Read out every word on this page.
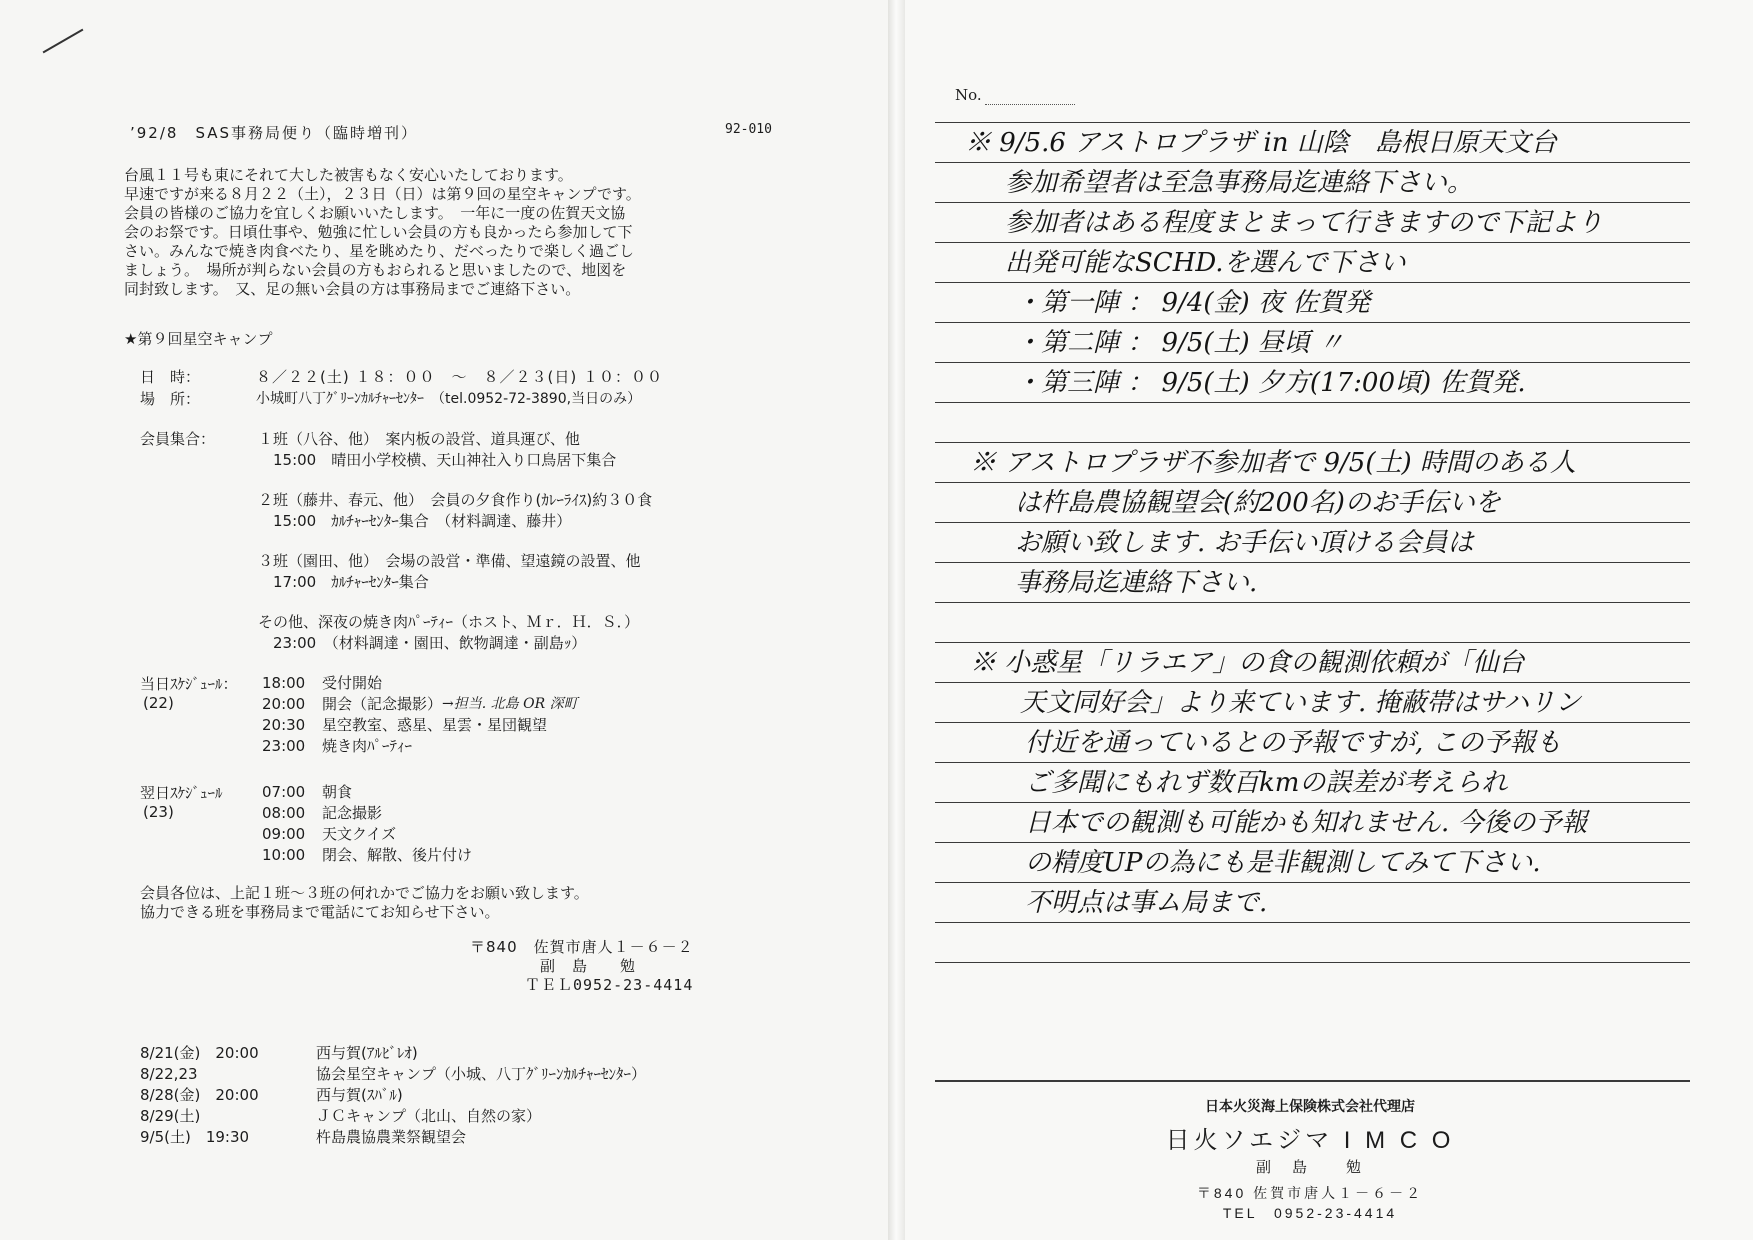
’92/8　SAS事務局便り（臨時増刊）	92-010
台風１１号も東にそれて大した被害もなく安心いたしております。
早速ですが来る８月２２（土），２３日（日）は第９回の星空キャンプです。
会員の皆様のご協力を宜しくお願いいたします。　一年に一度の佐賀天文協
会のお祭です。日頃仕事や、勉強に忙しい会員の方も良かったら参加して下
さい。みんなで焼き肉食べたり、星を眺めたり、だべったりで楽しく過ごし
ましょう。　場所が判らない会員の方もおられると思いましたので、地図を
同封致します。　又、足の無い会員の方は事務局までご連絡下さい。
★第９回星空キャンプ
日　時：	８／２２(土) １８：００　～　８／２３(日) １０：００
場　所：	小城町八丁ｸﾞﾘｰﾝｶﾙﾁｬｰｾﾝﾀｰ　（tel.0952-72-3890,当日のみ）
会員集合：	１班（八谷、他）　案内板の設営、道具運び、他
15:00　晴田小学校横、天山神社入り口鳥居下集合
２班（藤井、春元、他）　会員の夕食作り(ｶﾚｰﾗｲｽ)約３０食
15:00　ｶﾙﾁｬｰｾﾝﾀｰ集合　（材料調達、藤井）
３班（園田、他）　会場の設営・準備、望遠鏡の設置、他
17:00　ｶﾙﾁｬｰｾﾝﾀｰ集合
その他、深夜の焼き肉ﾊﾟｰﾃｨｰ（ホスト、Ｍｒ．Ｈ．Ｓ．）
23:00　（材料調達・園田、飲物調達・副島ｯ）
当日ｽｹｼﾞｭｰﾙ：
(22)
18:00	受付開始
20:00	開会（記念撮影） →担当. 北島 OR 深町
20:30	星空教室、惑星、星雲・星団観望
23:00	焼き肉ﾊﾟｰﾃｨｰ
翌日ｽｹｼﾞｭｰﾙ
(23)
07:00	朝食
08:00	記念撮影
09:00	天文クイズ
10:00	閉会、解散、後片付け
会員各位は、上記１班～３班の何れかでご協力をお願い致します。
協力できる班を事務局まで電話にてお知らせ下さい。
〒840　佐賀市唐人１－６－２
副　島　　勉
ＴＥＬ0952-23-4414
8/21(金)　20:00	西与賀(ｱﾙﾋﾞﾚｵ)
8/22,23	協会星空キャンプ（小城、八丁ｸﾞﾘｰﾝｶﾙﾁｬｰｾﾝﾀｰ）
8/28(金)　20:00	西与賀(ｽﾊﾞﾙ)
8/29(土)	ＪＣキャンプ（北山、自然の家）
9/5(土)　19:30	杵島農協農業祭観望会
No.
※ 9/5.6 アストロプラザ in 山陰　島根日原天文台
参加希望者は至急事務局迄連絡下さい。
参加者はある程度まとまって行きますので下記より
出発可能なSCHD.を選んで下さい
・第一陣 ： 9/4(金) 夜 佐賀発
・第二陣 ： 9/5(土) 昼頃 〃
・第三陣 ： 9/5(土) 夕方(17:00頃) 佐賀発.
※ アストロプラザ不参加者で 9/5(土) 時間のある人
は杵島農協観望会(約200名)のお手伝いを
お願い致します. お手伝い頂ける会員は
事務局迄連絡下さい.
※ 小惑星「リラエア」の食の観測依頼が「仙台
天文同好会」より来ています. 掩蔽帯はサハリン
付近を通っているとの予報ですが, この予報も
ご多聞にもれず数百kmの誤差が考えられ
日本での観測も可能かも知れません. 今後の予報
の精度UPの為にも是非観測してみて下さい.
不明点は事ム局まで.
日本火災海上保険株式会社代理店
日火ソエジマ I M C O
副　島　　勉
〒840 佐賀市唐人１－６－２
TEL　0952-23-4414
